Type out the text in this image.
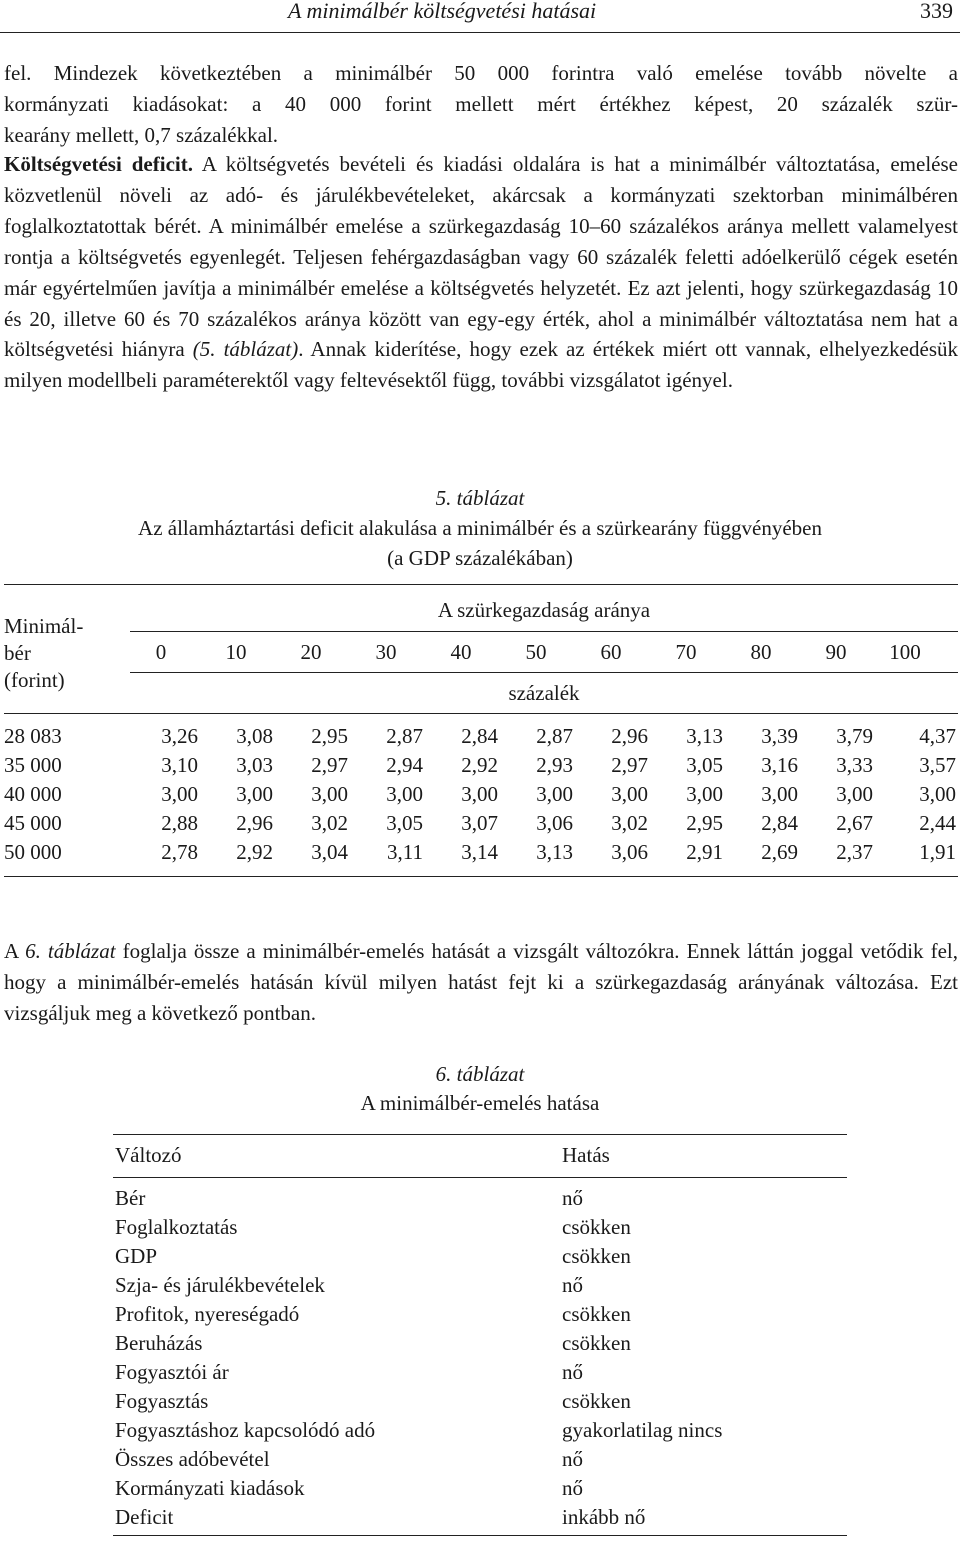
A minimálbér költségvetési hatásai	339
fel. Mindezek következtében a minimálbér 50 000 forintra való emelése tovább növelte a
kormányzati kiadásokat: a 40 000 forint mellett mért értékhez képest, 20 százalék szür-
kearány mellett, 0,7 százalékkal.

Költségvetési deficit. A költségvetés bevételi és kiadási oldalára is hat a minimálbér változtatása, emelése közvetlenül növeli az adó- és járulékbevételeket, akárcsak a kormányzati szektorban minimálbéren foglalkoztatottak bérét. A minimálbér emelése a szürkegazdaság 10–60 százalékos aránya mellett valamelyest rontja a költségvetés egyenlegét. Teljesen fehérgazdaságban vagy 60 százalék feletti adóelkerülő cégek esetén már egyértelműen javítja a minimálbér emelése a költségvetés helyzetét. Ez azt jelenti, hogy szürkegazdaság 10 és 20, illetve 60 és 70 százalékos aránya között van egy-egy érték, ahol a minimálbér változtatása nem hat a költségvetési hiányra (5. táblázat). Annak kiderítése, hogy ezek az értékek miért ott vannak, elhelyezkedésük milyen modellbeli paraméterektől vagy feltevésektől függ, további vizsgálatot igényel.

5. táblázat
Az államháztartási deficit alakulása a minimálbér és a szürkearány függvényében
(a GDP százalékában)
Minimál-
bér
(forint)
A szürkegazdaság aránya
0	10	20	30	40	50	60	70	80	90	100
százalék
28 083	3,26	3,08	2,95	2,87	2,84	2,87	2,96	3,13	3,39	3,79	4,37
35 000	3,10	3,03	2,97	2,94	2,92	2,93	2,97	3,05	3,16	3,33	3,57
40 000	3,00	3,00	3,00	3,00	3,00	3,00	3,00	3,00	3,00	3,00	3,00
45 000	2,88	2,96	3,02	3,05	3,07	3,06	3,02	2,95	2,84	2,67	2,44
50 000	2,78	2,92	3,04	3,11	3,14	3,13	3,06	2,91	2,69	2,37	1,91

A 6. táblázat foglalja össze a minimálbér-emelés hatását a vizsgált változókra. Ennek láttán joggal vetődik fel, hogy a minimálbér-emelés hatásán kívül milyen hatást fejt ki a szürkegazdaság arányának változása. Ezt vizsgáljuk meg a következő pontban.

6. táblázat
A minimálbér-emelés hatása
Változó	Hatás
Bér	nő
Foglalkoztatás	csökken
GDP	csökken
Szja- és járulékbevételek	nő
Profitok, nyereségadó	csökken
Beruházás	csökken
Fogyasztói ár	nő
Fogyasztás	csökken
Fogyasztáshoz kapcsolódó adó	gyakorlatilag nincs
Összes adóbevétel	nő
Kormányzati kiadások	nő
Deficit	inkább nő
